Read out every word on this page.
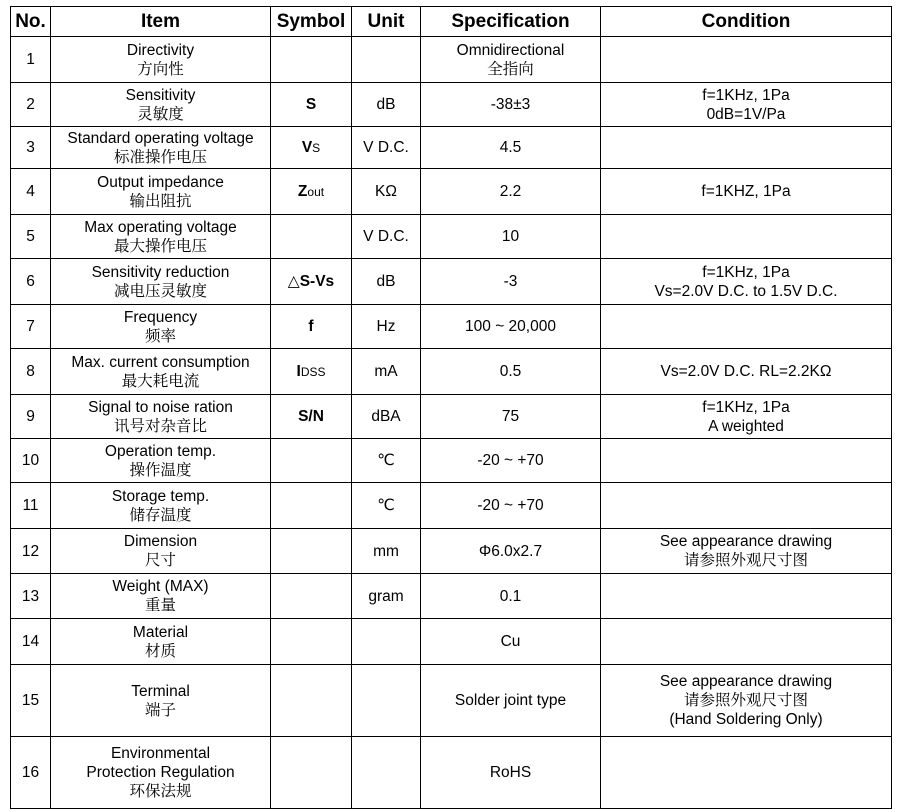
No.	Item	Symbol	Unit	Specification	Condition
1	Directivity
方向性			Omnidirectional
全指向	

2	Sensitivity
灵敏度	S	dB	-38±3	f=1KHz, 1Pa
0dB=1V/Pa

3	Standard operating voltage
标准操作电压	VS	V D.C.	4.5	

4	Output impedance
输出阻抗	Zout	KΩ	2.2	f=1KHZ, 1Pa

5	Max operating voltage
最大操作电压		V D.C.	10	

6	Sensitivity reduction
减电压灵敏度	△S-Vs	dB	-3	f=1KHz, 1Pa
Vs=2.0V D.C. to 1.5V D.C.

7	Frequency
频率	f	Hz	100 ~ 20,000	

8	Max. current consumption
最大耗电流	IDSS	mA	0.5	Vs=2.0V D.C. RL=2.2KΩ

9	Signal to noise ration
讯号对杂音比	S/N	dBA	75	f=1KHz, 1Pa
A weighted

10	Operation temp.
操作温度		℃	-20 ~ +70	

11	Storage temp.
储存温度		℃	-20 ~ +70	

12	Dimension
尺寸		mm	Φ6.0x2.7	See appearance drawing
请参照外观尺寸图

13	Weight (MAX)
重量		gram	0.1	

14	Material
材质			Cu	

15	Terminal
端子			Solder joint type	See appearance drawing
请参照外观尺寸图
(Hand Soldering Only)

16	Environmental
Protection Regulation
环保法规			RoHS	
